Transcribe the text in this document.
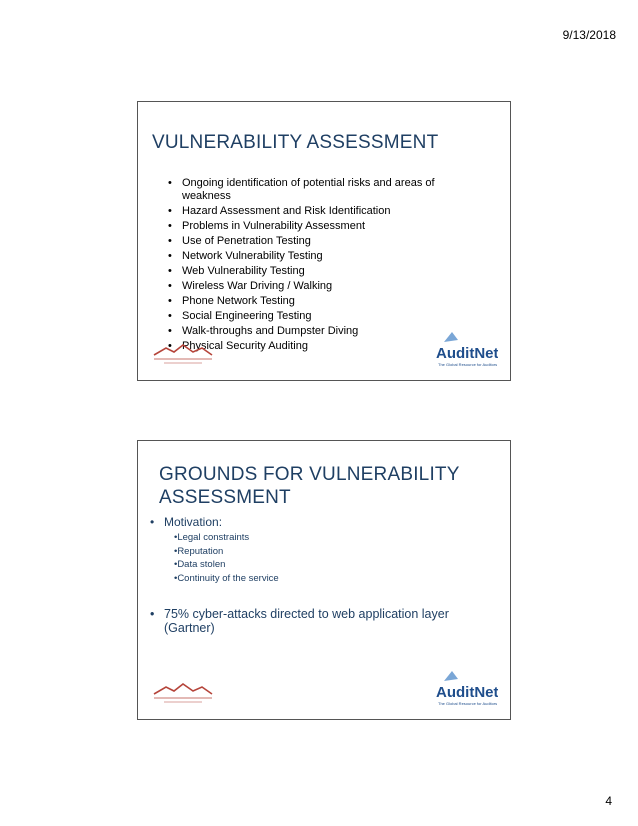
9/13/2018
VULNERABILITY ASSESSMENT
• Ongoing identification of potential risks and areas of weakness
• Hazard Assessment and Risk Identification
• Problems in Vulnerability Assessment
• Use of Penetration Testing
• Network Vulnerability Testing
• Web Vulnerability Testing
• Wireless War Driving / Walking
• Phone Network Testing
• Social Engineering Testing
• Walk-throughs and Dumpster Diving
• Physical Security Auditing	AuditNet
The Global Resource for Auditors
GROUNDS FOR VULNERABILITY
ASSESSMENT
• Motivation:
•Legal constraints
•Reputation
•Data stolen
•Continuity of the service
• 75% cyber-attacks directed to web application layer
(Gartner)
AuditNet
The Global Resource for Auditors
4
